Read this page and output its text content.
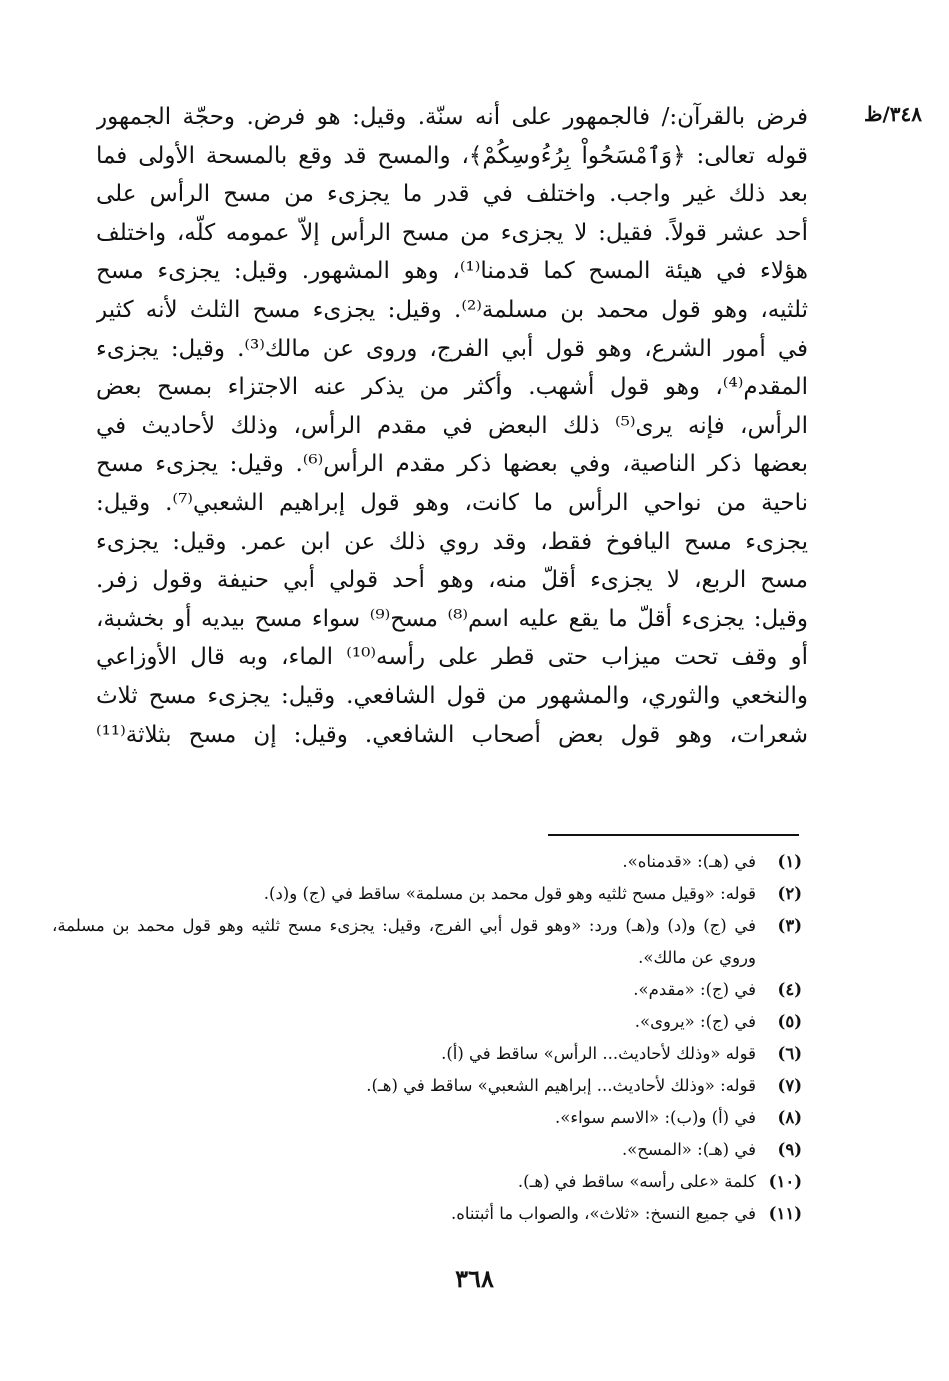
٣٤٨/ظ
فرض بالقرآن:/ فالجمهور على أنه سنّة. وقيل: هو فرض. وحجّة الجمهور
قوله تعالى: ﴿وَٱمْسَحُواْ بِرُءُوسِكُمْ﴾، والمسح قد وقع بالمسحة الأولى فما
بعد ذلك غير واجب. واختلف في قدر ما يجزىء من مسح الرأس على
أحد عشر قولاً. فقيل: لا يجزىء من مسح الرأس إلاّ عمومه كلّه، واختلف
هؤلاء في هيئة المسح كما قدمنا⁽¹⁾، وهو المشهور. وقيل: يجزىء مسح
ثلثيه، وهو قول محمد بن مسلمة⁽²⁾. وقيل: يجزىء مسح الثلث لأنه كثير
في أمور الشرع، وهو قول أبي الفرج، وروى عن مالك⁽³⁾. وقيل: يجزىء
المقدم⁽⁴⁾، وهو قول أشهب. وأكثر من يذكر عنه الاجتزاء بمسح بعض
الرأس، فإنه يرى⁽⁵⁾ ذلك البعض في مقدم الرأس، وذلك لأحاديث في
بعضها ذكر الناصية، وفي بعضها ذكر مقدم الرأس⁽⁶⁾. وقيل: يجزىء مسح
ناحية من نواحي الرأس ما كانت، وهو قول إبراهيم الشعبي⁽⁷⁾. وقيل:
يجزىء مسح اليافوخ فقط، وقد روي ذلك عن ابن عمر. وقيل: يجزىء
مسح الربع، لا يجزىء أقلّ منه، وهو أحد قولي أبي حنيفة وقول زفر.
وقيل: يجزىء أقلّ ما يقع عليه اسم⁽⁸⁾ مسح⁽⁹⁾ سواء مسح بيديه أو بخشبة،
أو وقف تحت ميزاب حتى قطر على رأسه⁽¹⁰⁾ الماء، وبه قال الأوزاعي
والنخعي والثوري، والمشهور من قول الشافعي. وقيل: يجزىء مسح ثلاث
شعرات، وهو قول بعض أصحاب الشافعي. وقيل: إن مسح بثلاثة⁽¹¹⁾
(١)
في (هـ): «قدمناه».
(٢)
قوله: «وقيل مسح ثلثيه وهو قول محمد بن مسلمة» ساقط في (ج) و(د).
(٣)
في (ج) و(د) و(هـ) ورد: «وهو قول أبي الفرج، وقيل: يجزىء مسح ثلثيه وهو قول محمد بن مسلمة، وروي عن مالك».
(٤)
في (ج): «مقدم».
(٥)
في (ج): «يروى».
(٦)
قوله «وذلك لأحاديث... الرأس» ساقط في (أ).
(٧)
قوله: «وذلك لأحاديث... إبراهيم الشعبي» ساقط في (هـ).
(٨)
في (أ) و(ب): «الاسم سواء».
(٩)
في (هـ): «المسح».
(١٠)
كلمة «على رأسه» ساقط في (هـ).
(١١)
في جميع النسخ: «ثلاث»، والصواب ما أثبتناه.
٣٦٨
